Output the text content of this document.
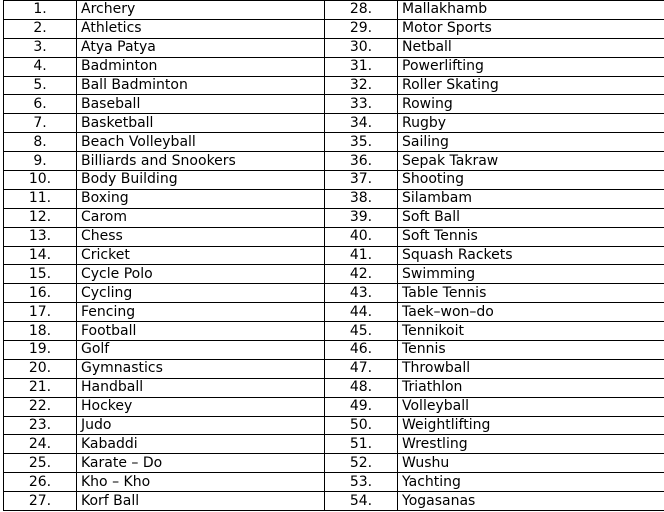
1.	Archery	28.	Mallakhamb
2.	Athletics	29.	Motor Sports
3.	Atya Patya	30.	Netball
4.	Badminton	31.	Powerlifting
5.	Ball Badminton	32.	Roller Skating
6.	Baseball	33.	Rowing
7.	Basketball	34.	Rugby
8.	Beach Volleyball	35.	Sailing
9.	Billiards and Snookers	36.	Sepak Takraw
10.	Body Building	37.	Shooting
11.	Boxing	38.	Silambam
12.	Carom	39.	Soft Ball
13.	Chess	40.	Soft Tennis
14.	Cricket	41.	Squash Rackets
15.	Cycle Polo	42.	Swimming
16.	Cycling	43.	Table Tennis
17.	Fencing	44.	Taek–won–do
18.	Football	45.	Tennikoit
19.	Golf	46.	Tennis
20.	Gymnastics	47.	Throwball
21.	Handball	48.	Triathlon
22.	Hockey	49.	Volleyball
23.	Judo	50.	Weightlifting
24.	Kabaddi	51.	Wrestling
25.	Karate – Do	52.	Wushu
26.	Kho – Kho	53.	Yachting
27.	Korf Ball	54.	Yogasanas
